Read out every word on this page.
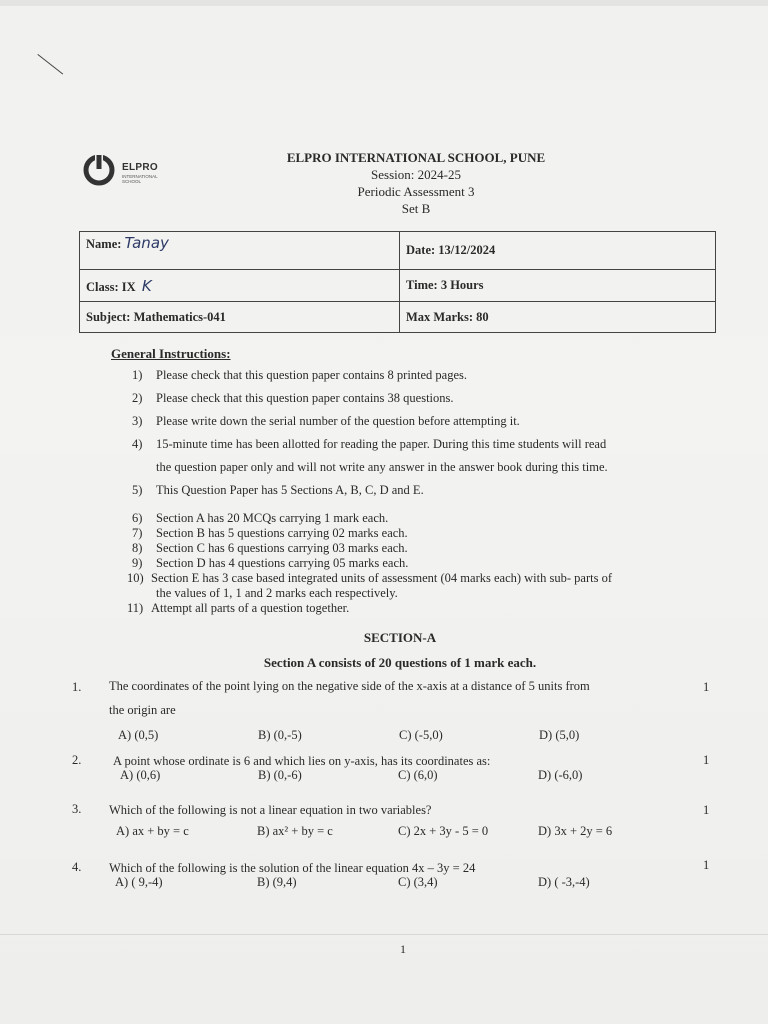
ELPRO
INTERNATIONAL SCHOOL
ELPRO INTERNATIONAL SCHOOL, PUNE
Session: 2024-25
Periodic Assessment 3
Set B
Name: Tanay	Date: 13/12/2024
Class: IX K	Time: 3 Hours
Subject: Mathematics-041	Max Marks: 80
General Instructions:
1) Please check that this question paper contains 8 printed pages.
2) Please check that this question paper contains 38 questions.
3) Please write down the serial number of the question before attempting it.
4) 15-minute time has been allotted for reading the paper. During this time students will read
the question paper only and will not write any answer in the answer book during this time.
5) This Question Paper has 5 Sections A, B, C, D and E.
6) Section A has 20 MCQs carrying 1 mark each.
7) Section B has 5 questions carrying 02 marks each.
8) Section C has 6 questions carrying 03 marks each.
9) Section D has 4 questions carrying 05 marks each.
10) Section E has 3 case based integrated units of assessment (04 marks each) with sub- parts of
the values of 1, 1 and 2 marks each respectively.
11) Attempt all parts of a question together.
SECTION-A
Section A consists of 20 questions of 1 mark each.
1. The coordinates of the point lying on the negative side of the x-axis at a distance of 5 units from
the origin are
1
A) (0,5)	B) (0,-5)	C) (-5,0)	D) (5,0)
2.	A point whose ordinate is 6 and which lies on y-axis, has its coordinates as:	1
A) (0,6)	B) (0,-6)	C) (6,0)	D) (-6,0)
3. Which of the following is not a linear equation in two variables?	1
A) ax + by = c	B) ax² + by = c	C) 2x + 3y - 5 = 0	D) 3x + 2y = 6
4. Which of the following is the solution of the linear equation 4x – 3y = 24	1
A) ( 9,-4)	B) (9,4)	C) (3,4)	D) ( -3,-4)
1
